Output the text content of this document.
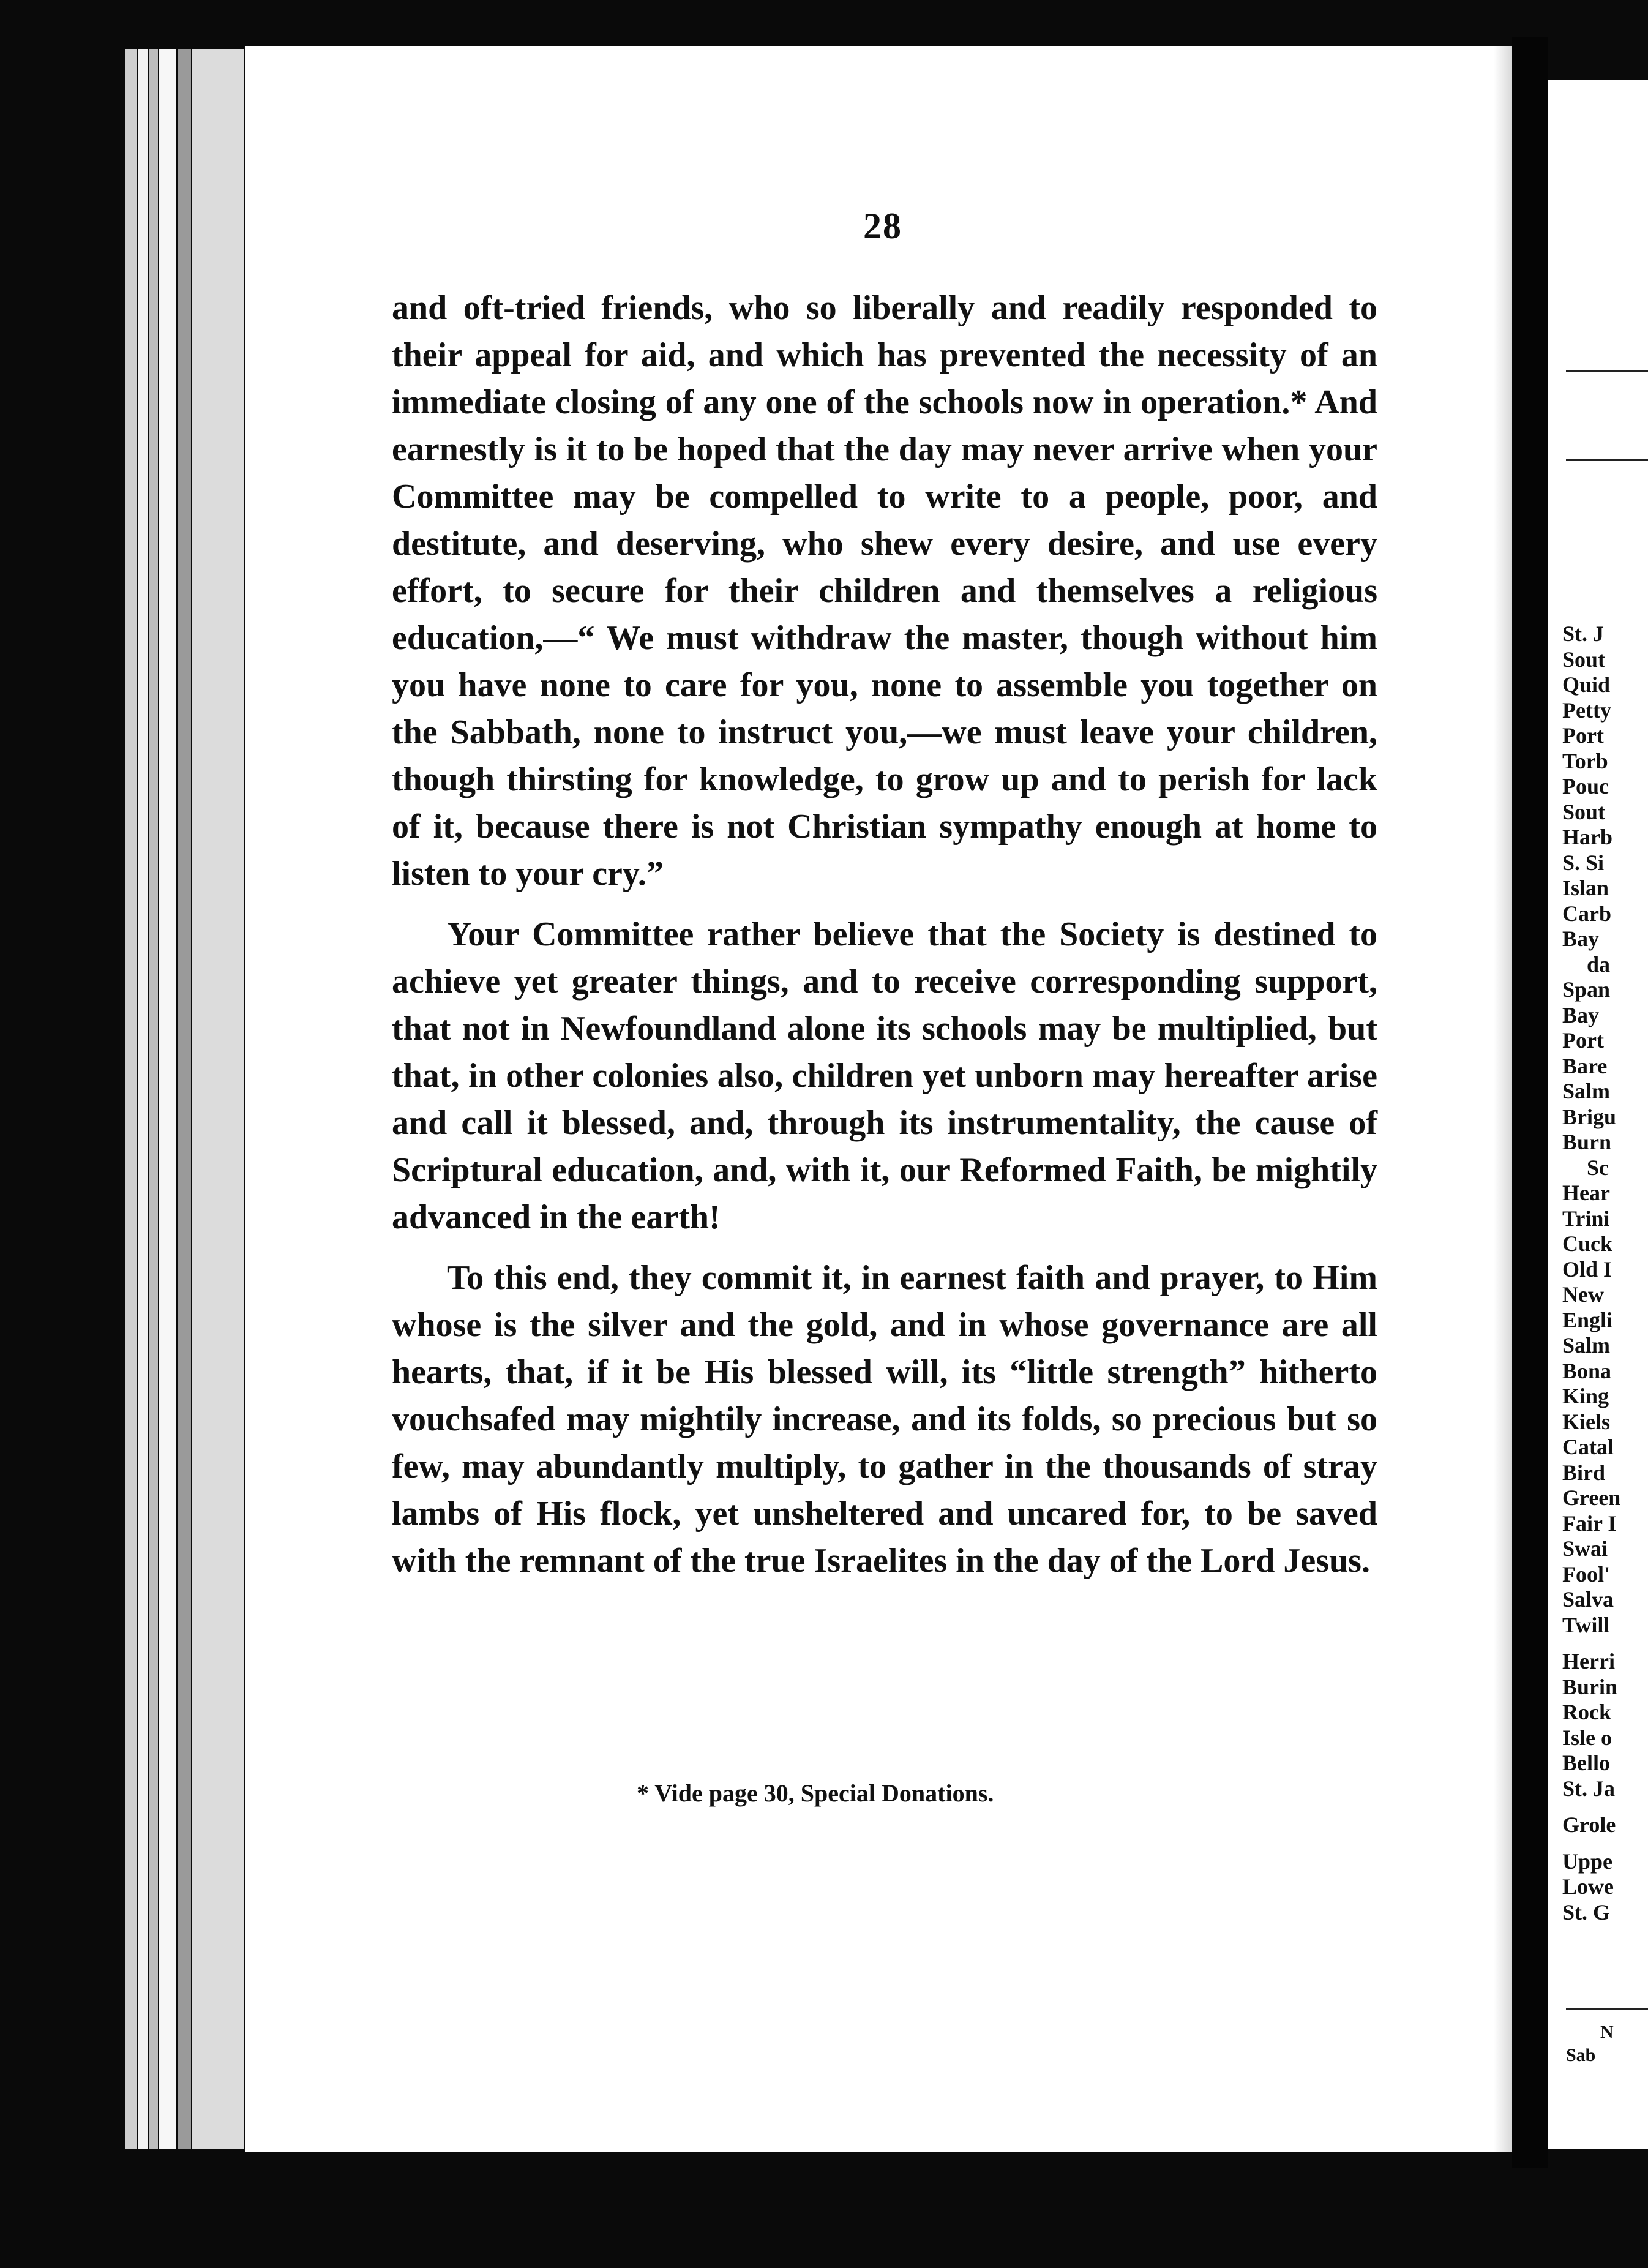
28

and oft-tried friends, who so liberally and readily responded to their appeal for aid, and which has prevented the necessity of an immediate closing of any one of the schools now in operation.* And earnestly is it to be hoped that the day may never arrive when your Committee may be compelled to write to a people, poor, and destitute, and deserving, who shew every desire, and use every effort, to secure for their children and themselves a religious education,—“ We must withdraw the master, though without him you have none to care for you, none to assemble you together on the Sabbath, none to instruct you,—we must leave your children, though thirsting for knowledge, to grow up and to perish for lack of it, because there is not Christian sympathy enough at home to listen to your cry.”

Your Committee rather believe that the Society is destined to achieve yet greater things, and to receive corresponding support, that not in Newfoundland alone its schools may be multiplied, but that, in other colonies also, children yet unborn may hereafter arise and call it blessed, and, through its instrumentality, the cause of Scriptural education, and, with it, our Reformed Faith, be mightily advanced in the earth!

To this end, they commit it, in earnest faith and prayer, to Him whose is the silver and the gold, and in whose governance are all hearts, that, if it be His blessed will, its “little strength” hitherto vouchsafed may mightily increase, and its folds, so precious but so few, may abundantly multiply, to gather in the thousands of stray lambs of His flock, yet unsheltered and uncared for, to be saved with the remnant of the true Israelites in the day of the Lord Jesus.

* Vide page 30, Special Donations.
St. J
Sout
Quid
Petty
Port
Torb
Pouc
Sout
Harb
S. Si
Islan
Carb
Bay
da
Span
Bay
Port
Bare
Salm
Brigu
Burn
Sc
Hear
Trini
Cuck
Old I
New
Engli
Salm
Bona
King
Kiels
Catal
Bird
Green
Fair I
Swai
Fool'
Salva
Twill
Herri
Burin
Rock
Isle o
Bello
St. Ja
Grole
Uppe
Lowe
St. G
N
Sab
